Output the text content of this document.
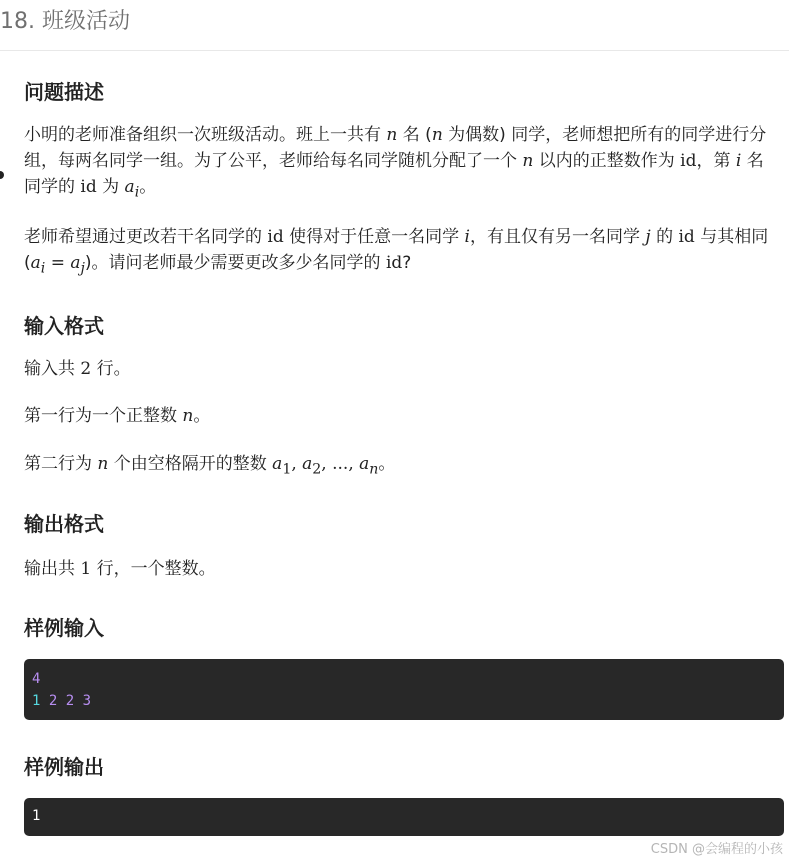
18. 班级活动
问题描述
小明的老师准备组织一次班级活动。班上一共有 n 名 (n 为偶数) 同学，老师想把所有的同学进行分组，每两名同学一组。为了公平，老师给每名同学随机分配了一个 n 以内的正整数作为 id，第 i 名同学的 id 为 $a_i$。
老师希望通过更改若干名同学的 id 使得对于任意一名同学 i，有且仅有另一名同学 j 的 id 与其相同 $(a_i = a_j)$。请问老师最少需要更改多少名同学的 id?
输入格式
输入共 2 行。
第一行为一个正整数 n。
第二行为 n 个由空格隔开的整数 $a_1$, $a_2$, ..., $a_n$。
输出格式
输出共 1 行，一个整数。
样例输入
4
1 2 2 3
样例输出
1
CSDN @会编程的小孩
